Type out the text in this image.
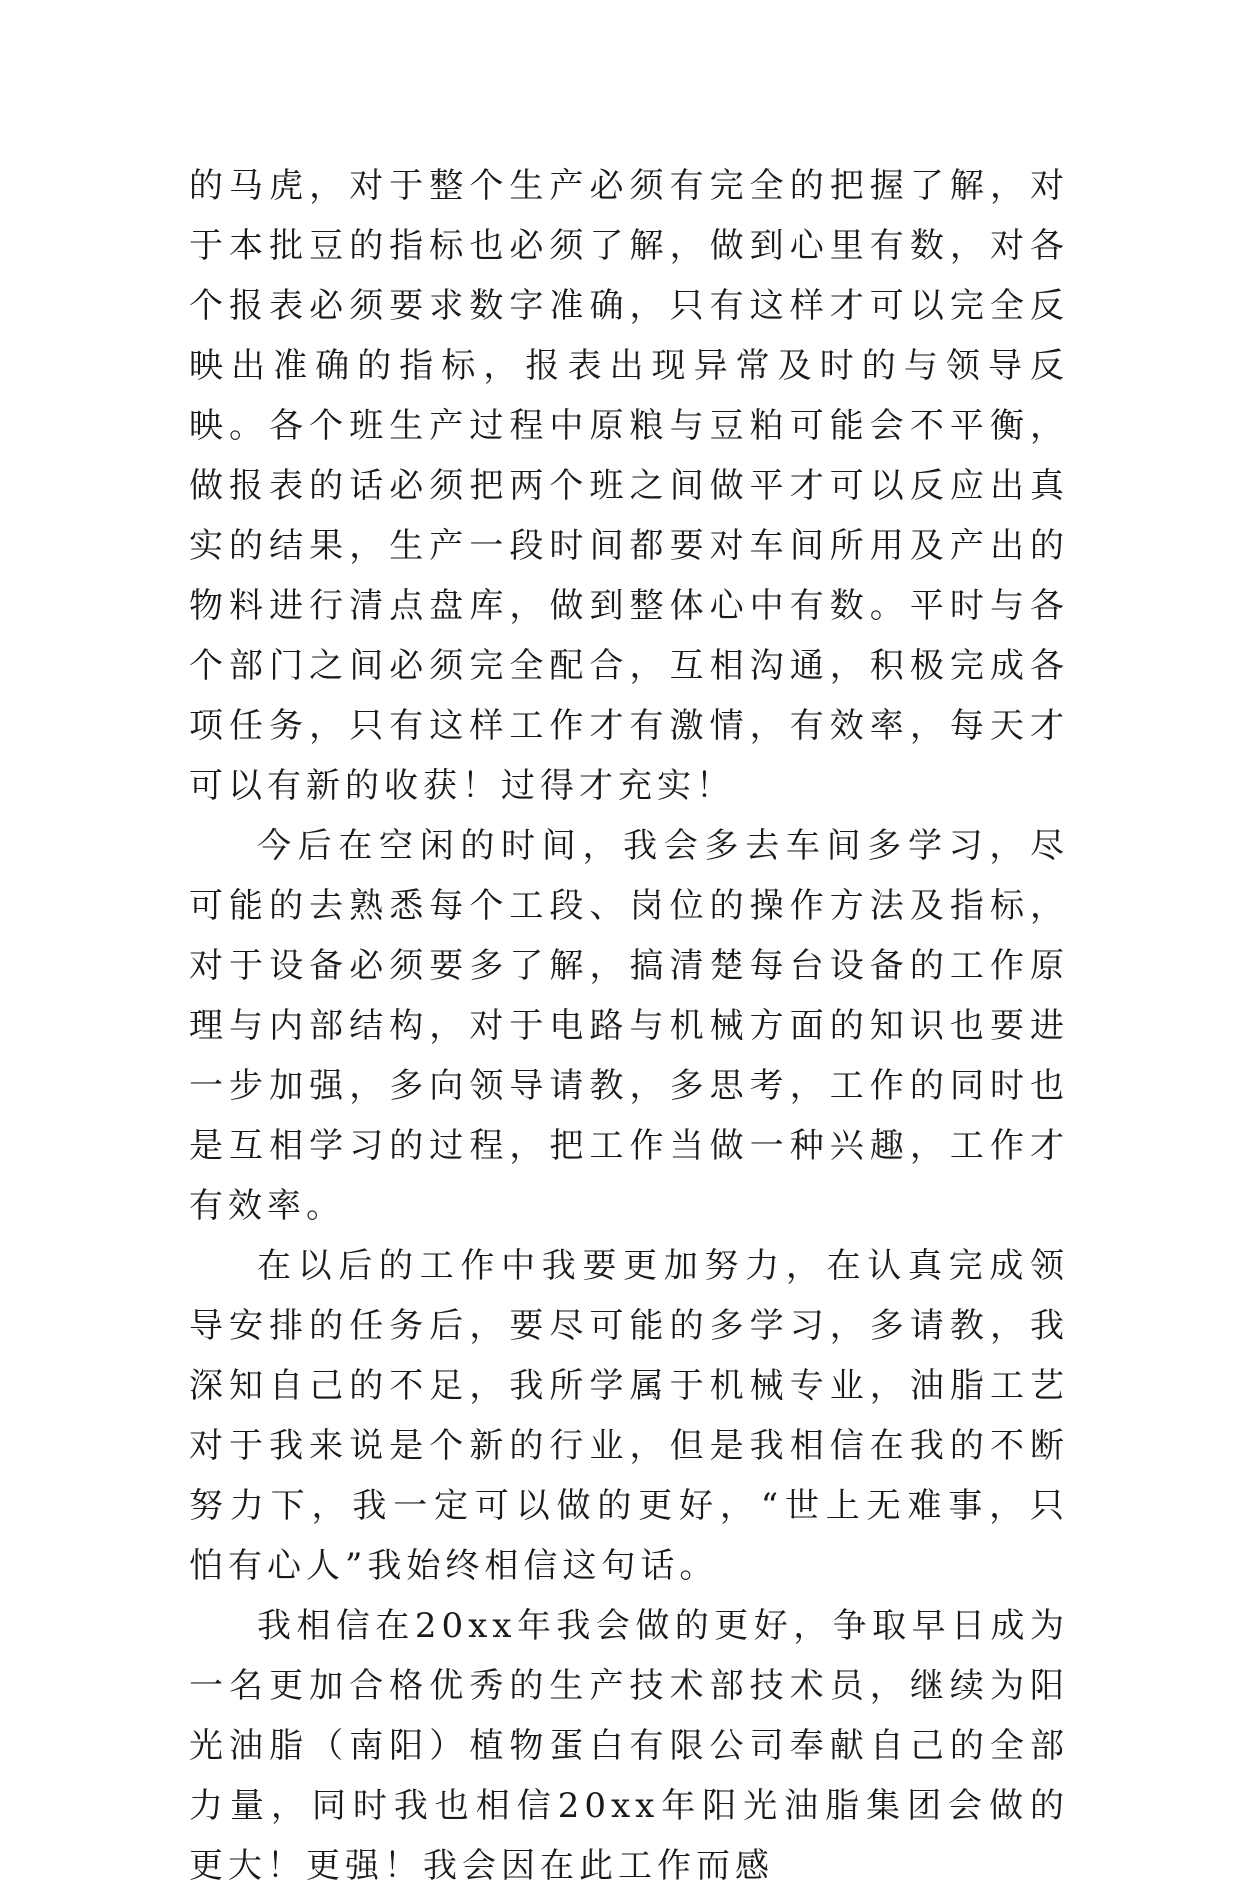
的马虎，对于整个生产必须有完全的把握了解，对于本批豆的指标也必须了解，做到心里有数，对各个报表必须要求数字准确，只有这样才可以完全反映出准确的指标，报表出现异常及时的与领导反映。各个班生产过程中原粮与豆粕可能会不平衡，做报表的话必须把两个班之间做平才可以反应出真实的结果，生产一段时间都要对车间所用及产出的物料进行清点盘库，做到整体心中有数。平时与各个部门之间必须完全配合，互相沟通，积极完成各项任务，只有这样工作才有激情，有效率，每天才可以有新的收获！过得才充实！

今后在空闲的时间，我会多去车间多学习，尽可能的去熟悉每个工段、岗位的操作方法及指标，对于设备必须要多了解，搞清楚每台设备的工作原理与内部结构，对于电路与机械方面的知识也要进一步加强，多向领导请教，多思考，工作的同时也是互相学习的过程，把工作当做一种兴趣，工作才有效率。

在以后的工作中我要更加努力，在认真完成领导安排的任务后，要尽可能的多学习，多请教，我深知自己的不足，我所学属于机械专业，油脂工艺对于我来说是个新的行业，但是我相信在我的不断努力下，我一定可以做的更好，“世上无难事，只怕有心人”我始终相信这句话。

我相信在20xx年我会做的更好，争取早日成为一名更加合格优秀的生产技术部技术员，继续为阳光油脂（南阳）植物蛋白有限公司奉献自己的全部力量，同时我也相信20xx年阳光油脂集团会做的更大！更强！我会因在此工作而感
